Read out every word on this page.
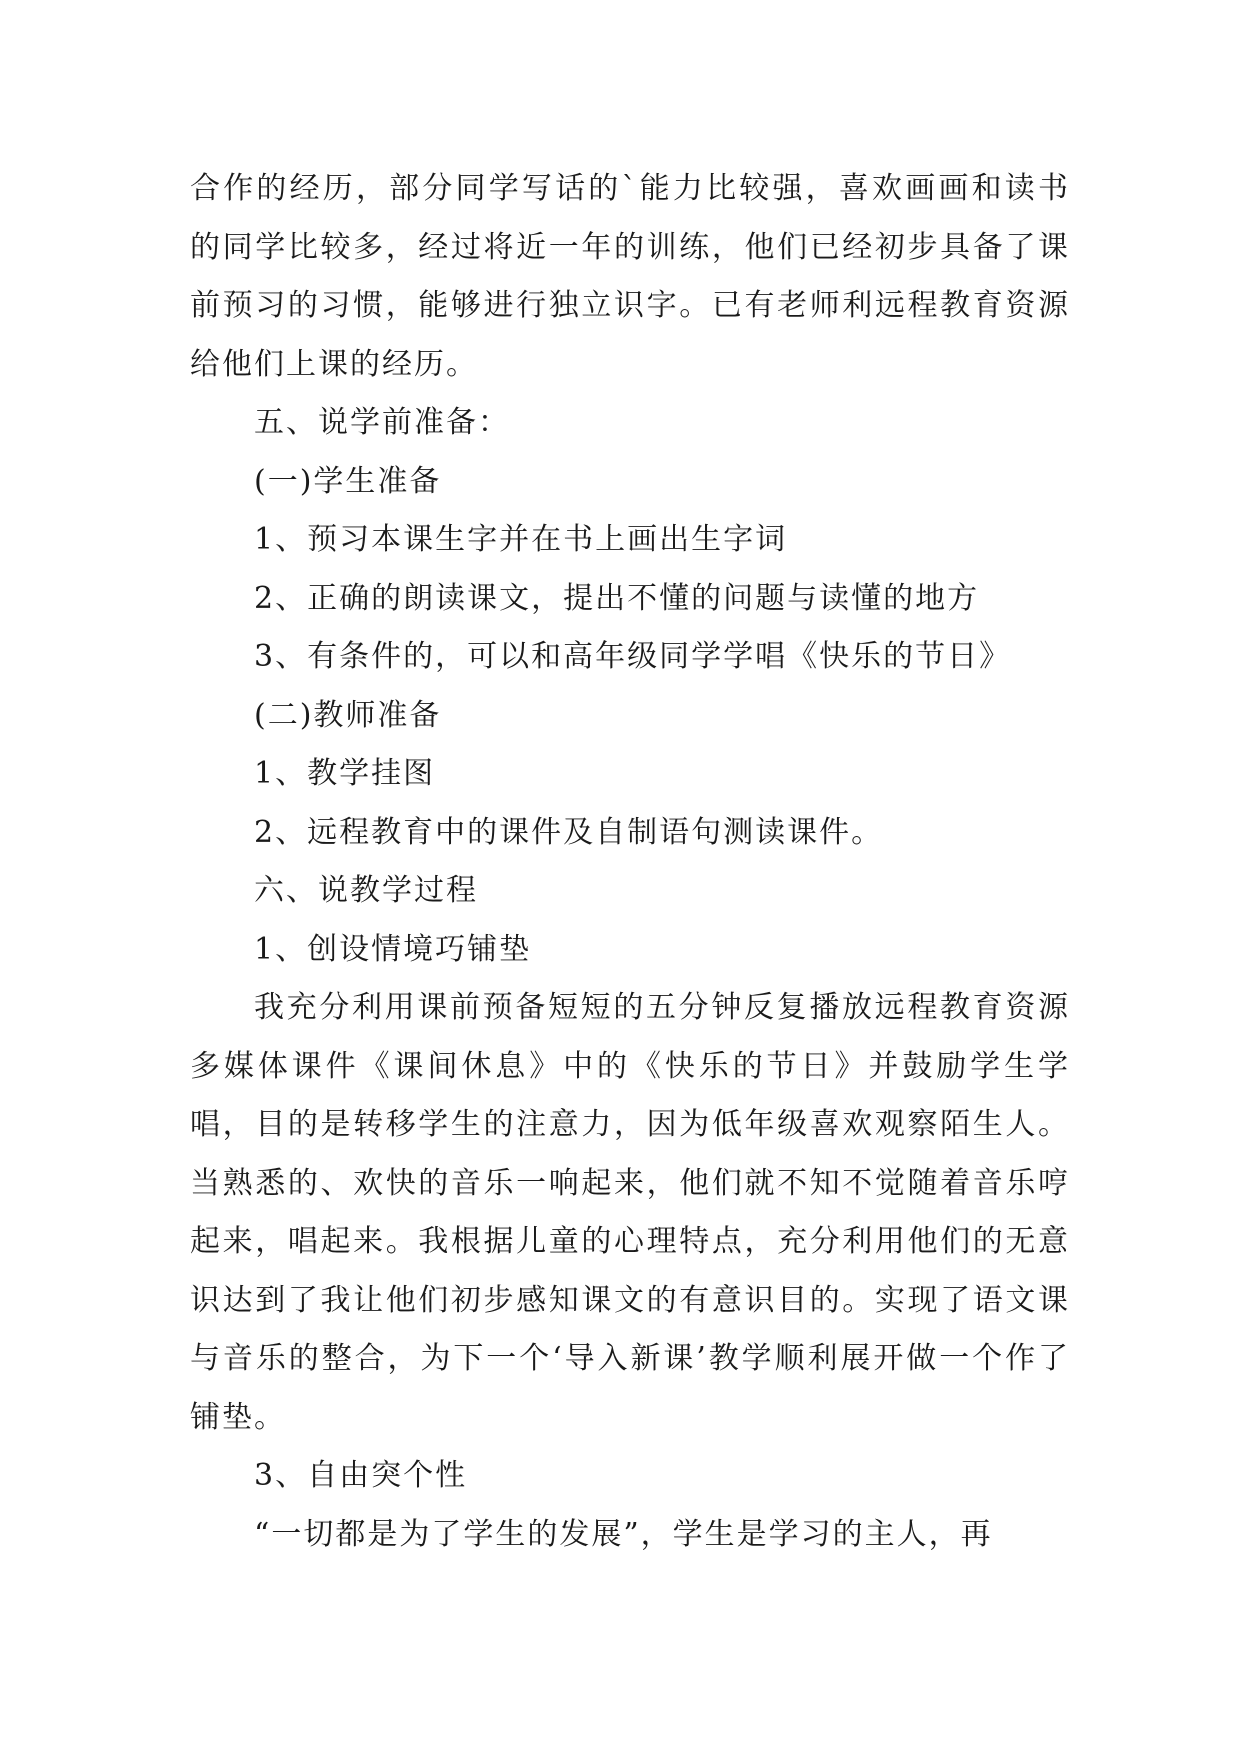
合作的经历，部分同学写话的`能力比较强，喜欢画画和读书的同学比较多，经过将近一年的训练，他们已经初步具备了课前预习的习惯，能够进行独立识字。已有老师利远程教育资源给他们上课的经历。

五、说学前准备：

(一)学生准备

1、预习本课生字并在书上画出生字词

2、正确的朗读课文，提出不懂的问题与读懂的地方

3、有条件的，可以和高年级同学学唱《快乐的节日》

(二)教师准备

1、教学挂图

2、远程教育中的课件及自制语句测读课件。

六、说教学过程

1、创设情境巧铺垫

我充分利用课前预备短短的五分钟反复播放远程教育资源多媒体课件《课间休息》中的《快乐的节日》并鼓励学生学唱，目的是转移学生的注意力，因为低年级喜欢观察陌生人。当熟悉的、欢快的音乐一响起来，他们就不知不觉随着音乐哼起来，唱起来。我根据儿童的心理特点，充分利用他们的无意识达到了我让他们初步感知课文的有意识目的。实现了语文课与音乐的整合，为下一个‘导入新课’教学顺利展开做一个作了铺垫。

3、自由突个性

“一切都是为了学生的发展”，学生是学习的主人，再
